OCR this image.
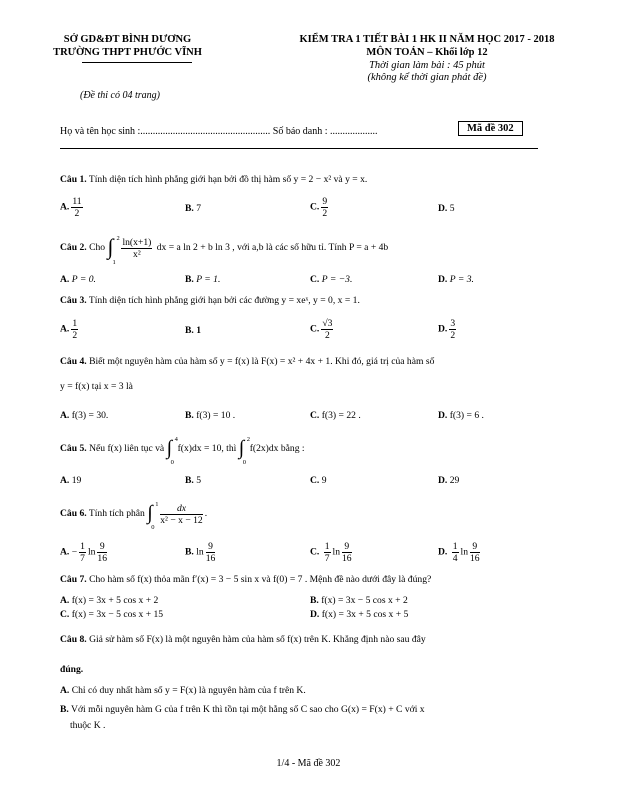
SỞ GD&ĐT BÌNH DƯƠNG
TRƯỜNG THPT PHƯỚC VĨNH
KIỂM TRA 1 TIẾT BÀI 1 HK II NĂM HỌC 2017 - 2018
MÔN TOÁN – Khối lớp 12
Thời gian làm bài : 45 phút
(không kể thời gian phát đề)
(Đề thi có 04 trang)
Họ và tên học sinh :.................................................... Số báo danh : ...................	Mã đề 302
Câu 1. Tính diện tích hình phẳng giới hạn bởi đồ thị hàm số y = 2 − x² và y = x.
A. $\frac{11}{2}$	B. 7	C. $\frac{9}{2}$	D. 5
Câu 2. Cho ∫ 2
1
$\frac{\ln(x+1)}{\text{x²}}$ dx = a ln 2 + b ln 3 , với a,b là các số hữu tỉ. Tính P = a + 4b
A. P = 0.	B. P = 1.	C. P = −3.	D. P = 3.
Câu 3. Tính diện tích hình phẳng giới hạn bởi các đường y = xeˣ, y = 0, x = 1.
A. $\frac{1}{2}$	B. 1	C. $\frac{√3}{2}$	D. $\frac{3}{2}$
Câu 4. Biết một nguyên hàm của hàm số y = f(x) là F(x) = x² + 4x + 1. Khi đó, giá trị của hàm số
y = f(x) tại x = 3 là
A. f(3) = 30.	B. f(3) = 10 .	C. f(3) = 22 .	D. f(3) = 6 .
Câu 5. Nếu f(x) liên tục và ∫ 4
0
f(x)dx = 10, thì ∫ 2
0
f(2x)dx bằng :
A. 19	B. 5	C. 9	D. 29
Câu 6. Tính tích phân ∫ 1
0
$\frac{dx}{\text{x² − x − 12}}$ .
A. − $\frac{1}{7}$ $\ln \frac{9}{16}$	B. $\ln \frac{9}{16}$	C. $\frac{1}{7}$ $\ln \frac{9}{16}$	D. $\frac{1}{4}$ $\ln \frac{9}{16}$
Câu 7. Cho hàm số f(x) thỏa mãn f′(x) = 3 − 5 sin x và f(0) = 7 . Mệnh đề nào dưới đây là đúng?
A. f(x) = 3x + 5 cos x + 2	B. f(x) = 3x − 5 cos x + 2
C. f(x) = 3x − 5 cos x + 15	D. f(x) = 3x + 5 cos x + 5
Câu 8. Giả sử hàm số F(x) là một nguyên hàm của hàm số f(x) trên K. Khẳng định nào sau đây
đúng.
A. Chỉ có duy nhất hàm số y = F(x) là nguyên hàm của f trên K.
B. Với mỗi nguyên hàm G của f trên K thì tồn tại một hằng số C sao cho G(x) = F(x) + C với x
thuộc K .
1/4 - Mã đề 302
